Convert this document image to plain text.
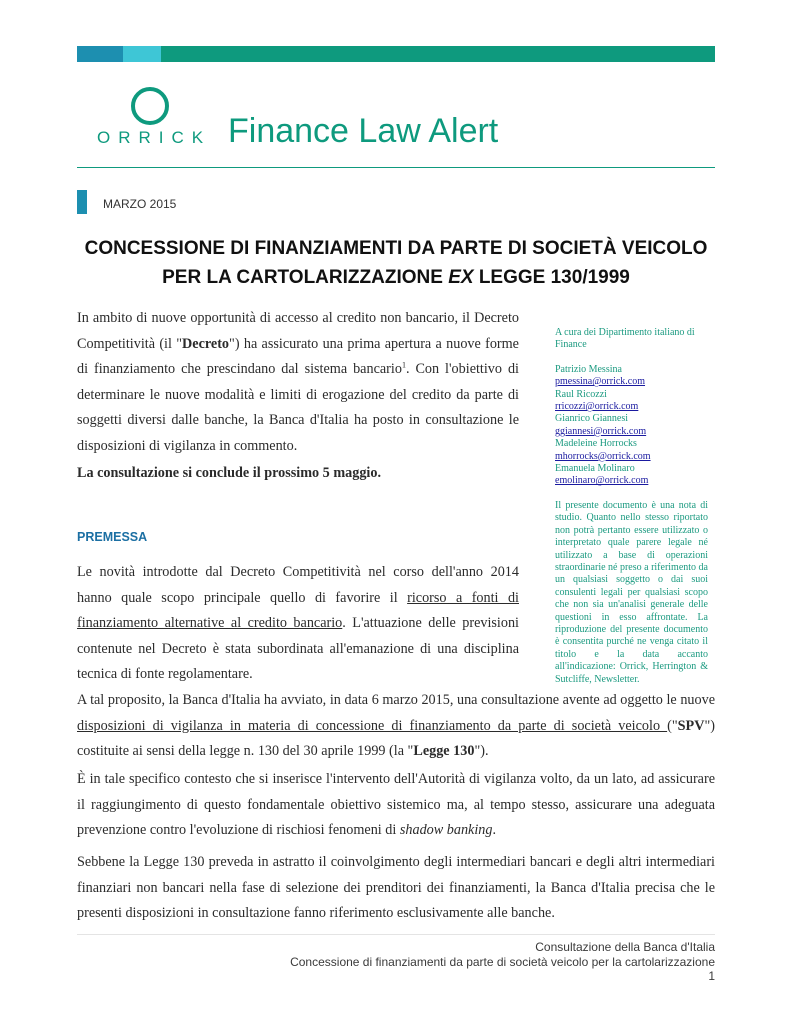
ORRICK Finance Law Alert
MARZO 2015
CONCESSIONE DI FINANZIAMENTI DA PARTE DI SOCIETÀ VEICOLO
PER LA CARTOLARIZZAZIONE EX LEGGE 130/1999

In ambito di nuove opportunità di accesso al credito non bancario, il Decreto Competitività (il "Decreto") ha assicurato una prima apertura a nuove forme di finanziamento che prescindano dal sistema bancario$^1$. Con l'obiettivo di determinare le nuove modalità e limiti di erogazione del credito da parte di soggetti diversi dalle banche, la Banca d'Italia ha posto in consultazione le disposizioni di vigilanza in commento.

La consultazione si conclude il prossimo 5 maggio.

PREMESSA

Le novità introdotte dal Decreto Competitività nel corso dell'anno 2014 hanno quale scopo principale quello di favorire il ricorso a fonti di finanziamento alternative al credito bancario. L'attuazione delle previsioni contenute nel Decreto è stata subordinata all'emanazione di una disciplina tecnica di fonte regolamentare.

A tal proposito, la Banca d'Italia ha avviato, in data 6 marzo 2015, una consultazione avente ad oggetto le nuove disposizioni di vigilanza in materia di concessione di finanziamento da parte di società veicolo ("SPV") costituite ai sensi della legge n. 130 del 30 aprile 1999 (la "Legge 130").

È in tale specifico contesto che si inserisce l'intervento dell'Autorità di vigilanza volto, da un lato, ad assicurare il raggiungimento di questo fondamentale obiettivo sistemico ma, al tempo stesso, assicurare una adeguata prevenzione contro l'evoluzione di rischiosi fenomeni di shadow banking.

Sebbene la Legge 130 preveda in astratto il coinvolgimento degli intermediari bancari e degli altri intermediari finanziari non bancari nella fase di selezione dei prenditori dei finanziamenti, la Banca d'Italia precisa che le presenti disposizioni in consultazione fanno riferimento esclusivamente alle banche.

A cura dei Dipartimento italiano di Finance
Patrizio Messina
pmessina@orrick.com
Raul Ricozzi
rricozzi@orrick.com
Gianrico Giannesi
ggiannesi@orrick.com
Madeleine Horrocks
mhorrocks@orrick.com
Emanuela Molinaro
emolinaro@orrick.com
Il presente documento è una nota di studio. Quanto nello stesso riportato non potrà pertanto essere utilizzato o interpretato quale parere legale né utilizzato a base di operazioni straordinarie né preso a riferimento da un qualsiasi soggetto o dai suoi consulenti legali per qualsiasi scopo che non sia un'analisi generale delle questioni in esso affrontate. La riproduzione del presente documento è consentita purché ne venga citato il titolo e la data accanto all'indicazione: Orrick, Herrington & Sutcliffe, Newsletter.
Consultazione della Banca d'Italia
Concessione di finanziamenti da parte di società veicolo per la cartolarizzazione
1
